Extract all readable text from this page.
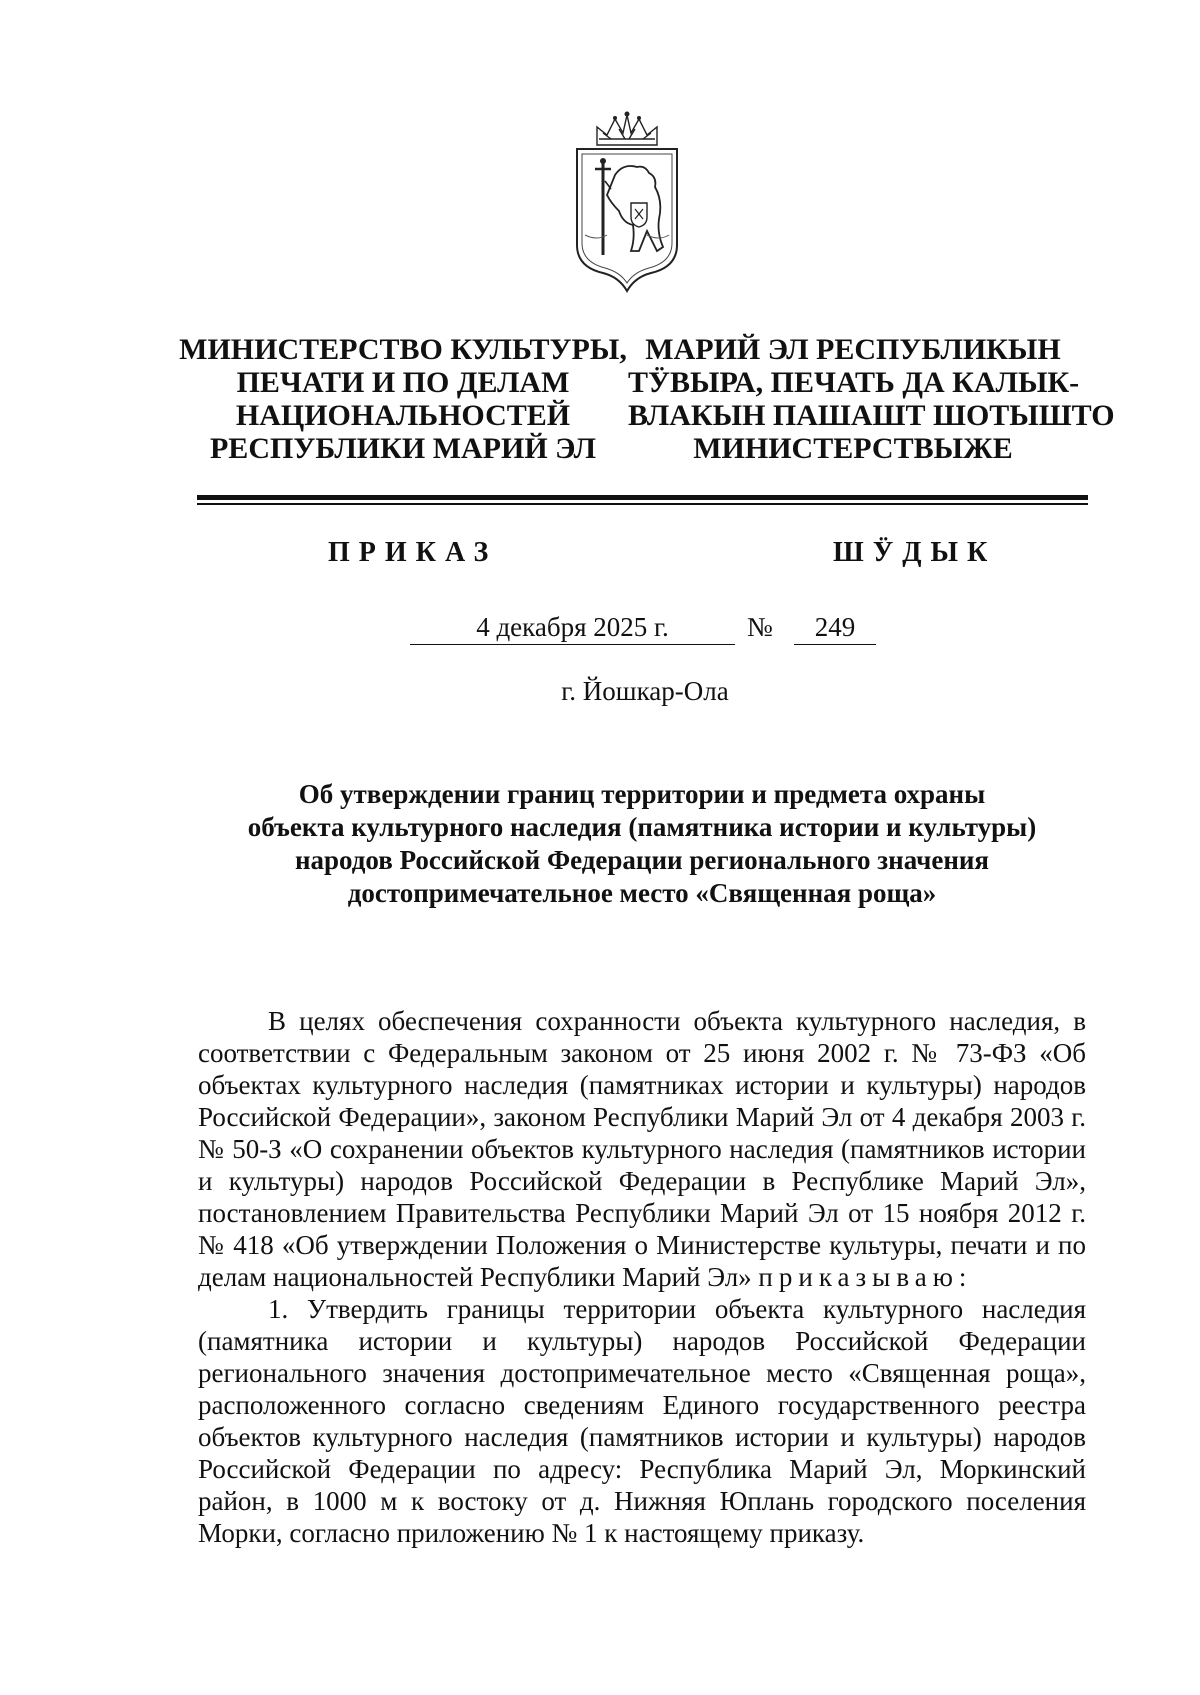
МИНИСТЕРСТВО КУЛЬТУРЫ,
ПЕЧАТИ И ПО ДЕЛАМ
НАЦИОНАЛЬНОСТЕЙ
РЕСПУБЛИКИ МАРИЙ ЭЛ
МАРИЙ ЭЛ РЕСПУБЛИКЫН
ТӰВЫРА, ПЕЧАТЬ ДА КАЛЫК-
ВЛАКЫН ПАШАШТ ШОТЫШТО
МИНИСТЕРСТВЫЖЕ
ПРИКАЗ	ШӰДЫК
4 декабря 2025 г.	№	249
г. Йошкар-Ола
Об утверждении границ территории и предмета охраны
объекта культурного наследия (памятника истории и культуры)
народов Российской Федерации регионального значения
достопримечательное место «Священная роща»

В целях обеспечения сохранности объекта культурного наследия, в соответствии с Федеральным законом от 25 июня 2002 г. № 73-ФЗ «Об объектах культурного наследия (памятниках истории и культуры) народов Российской Федерации», законом Республики Марий Эл от 4 декабря 2003 г. № 50-З «О сохранении объектов культурного наследия (памятников истории и культуры) народов Российской Федерации в Республике Марий Эл», постановлением Правительства Республики Марий Эл от 15 ноября 2012 г. № 418 «Об утверждении Положения о Министерстве культуры, печати и по делам национальностей Республики Марий Эл» приказываю:

1. Утвердить границы территории объекта культурного наследия (памятника истории и культуры) народов Российской Федерации регионального значения достопримечательное место «Священная роща», расположенного согласно сведениям Единого государственного реестра объектов культурного наследия (памятников истории и культуры) народов Российской Федерации по адресу: Республика Марий Эл, Моркинский район, в 1000 м к востоку от д. Нижняя Юплань городского поселения Морки, согласно приложению № 1 к настоящему приказу.
